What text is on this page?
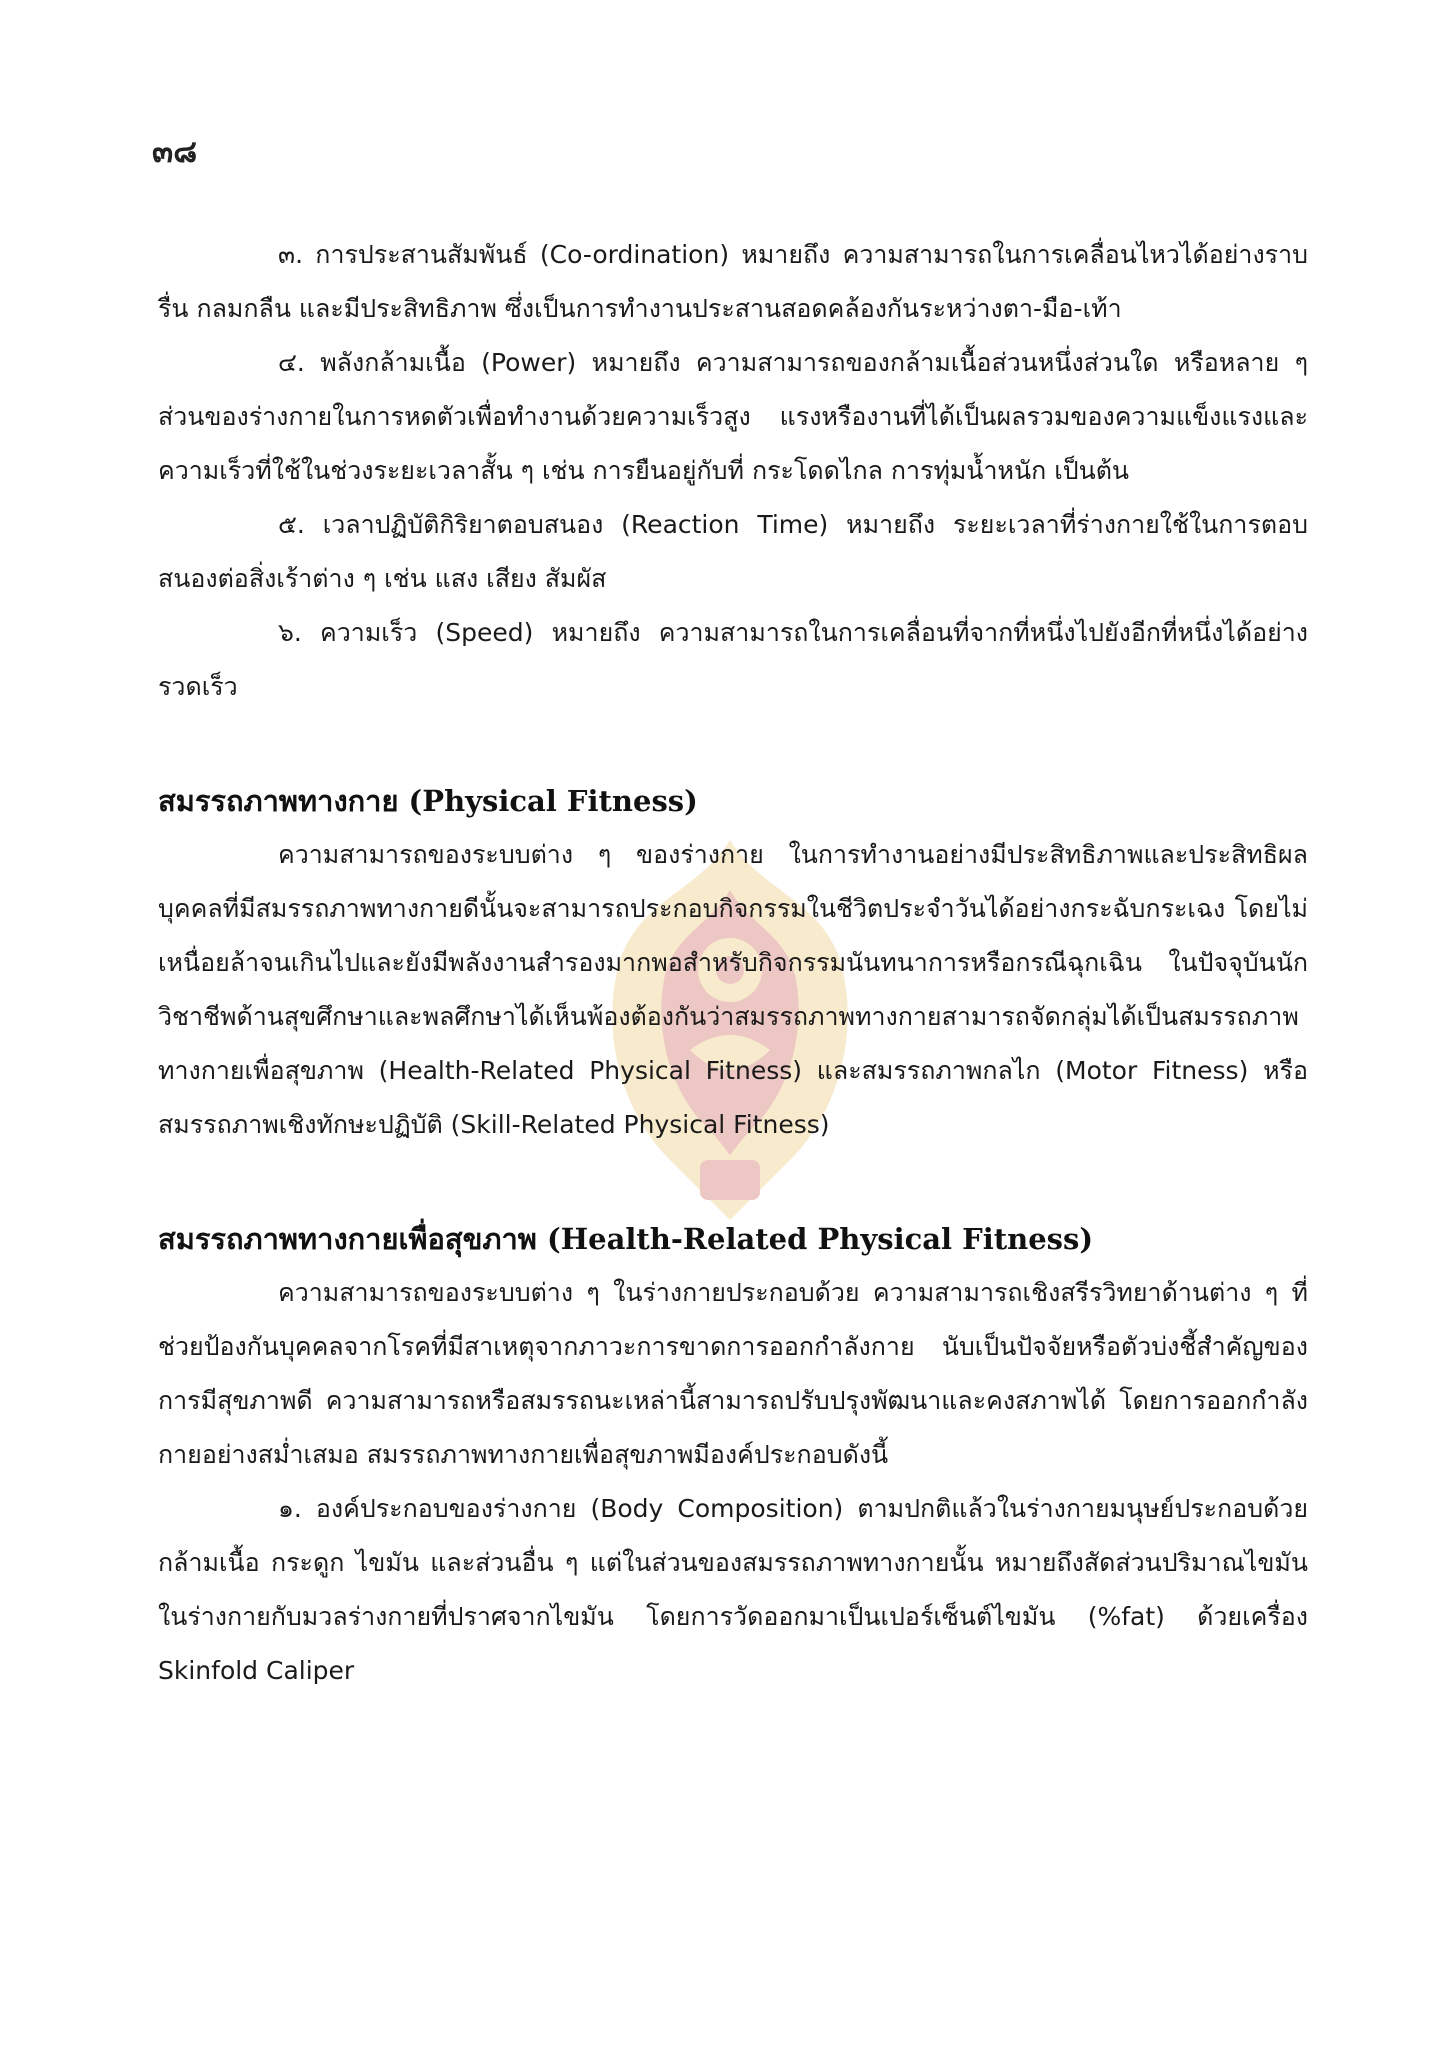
๓๘

๓. การประสานสัมพันธ์ (Co-ordination) หมายถึง ความสามารถในการเคลื่อนไหวได้อย่างราบรื่น กลมกลืน และมีประสิทธิภาพ ซึ่งเป็นการทำงานประสานสอดคล้องกันระหว่างตา-มือ-เท้า

๔. พลังกล้ามเนื้อ (Power) หมายถึง ความสามารถของกล้ามเนื้อส่วนหนึ่งส่วนใด หรือหลาย ๆ ส่วนของร่างกายในการหดตัวเพื่อทำงานด้วยความเร็วสูง แรงหรืองานที่ได้เป็นผลรวมของความแข็งแรงและความเร็วที่ใช้ในช่วงระยะเวลาสั้น ๆ เช่น การยืนอยู่กับที่ กระโดดไกล การทุ่มน้ำหนัก เป็นต้น

๕. เวลาปฏิบัติกิริยาตอบสนอง (Reaction Time) หมายถึง ระยะเวลาที่ร่างกายใช้ในการตอบสนองต่อสิ่งเร้าต่าง ๆ เช่น แสง เสียง สัมผัส

๖. ความเร็ว (Speed) หมายถึง ความสามารถในการเคลื่อนที่จากที่หนึ่งไปยังอีกที่หนึ่งได้อย่างรวดเร็ว

สมรรถภาพทางกาย (Physical Fitness)

ความสามารถของระบบต่าง ๆ ของร่างกาย ในการทำงานอย่างมีประสิทธิภาพและประสิทธิผล บุคคลที่มีสมรรถภาพทางกายดีนั้นจะสามารถประกอบกิจกรรมในชีวิตประจำวันได้อย่างกระฉับกระเฉง โดยไม่เหนื่อยล้าจนเกินไปและยังมีพลังงานสำรองมากพอสำหรับกิจกรรมนันทนาการหรือกรณีฉุกเฉิน ในปัจจุบันนักวิชาชีพด้านสุขศึกษาและพลศึกษาได้เห็นพ้องต้องกันว่าสมรรถภาพทางกายสามารถจัดกลุ่มได้เป็นสมรรถภาพทางกายเพื่อสุขภาพ (Health-Related Physical Fitness) และสมรรถภาพกลไก (Motor Fitness) หรือสมรรถภาพเชิงทักษะปฏิบัติ (Skill-Related Physical Fitness)

สมรรถภาพทางกายเพื่อสุขภาพ (Health-Related Physical Fitness)

ความสามารถของระบบต่าง ๆ ในร่างกายประกอบด้วย ความสามารถเชิงสรีรวิทยาด้านต่าง ๆ ที่ช่วยป้องกันบุคคลจากโรคที่มีสาเหตุจากภาวะการขาดการออกกำลังกาย นับเป็นปัจจัยหรือตัวบ่งชี้สำคัญของการมีสุขภาพดี ความสามารถหรือสมรรถนะเหล่านี้สามารถปรับปรุงพัฒนาและคงสภาพได้ โดยการออกกำลังกายอย่างสม่ำเสมอ สมรรถภาพทางกายเพื่อสุขภาพมีองค์ประกอบดังนี้

๑. องค์ประกอบของร่างกาย (Body Composition) ตามปกติแล้วในร่างกายมนุษย์ประกอบด้วย กล้ามเนื้อ กระดูก ไขมัน และส่วนอื่น ๆ แต่ในส่วนของสมรรถภาพทางกายนั้น หมายถึงสัดส่วนปริมาณไขมันในร่างกายกับมวลร่างกายที่ปราศจากไขมัน โดยการวัดออกมาเป็นเปอร์เซ็นต์ไขมัน (%fat) ด้วยเครื่อง Skinfold Caliper
